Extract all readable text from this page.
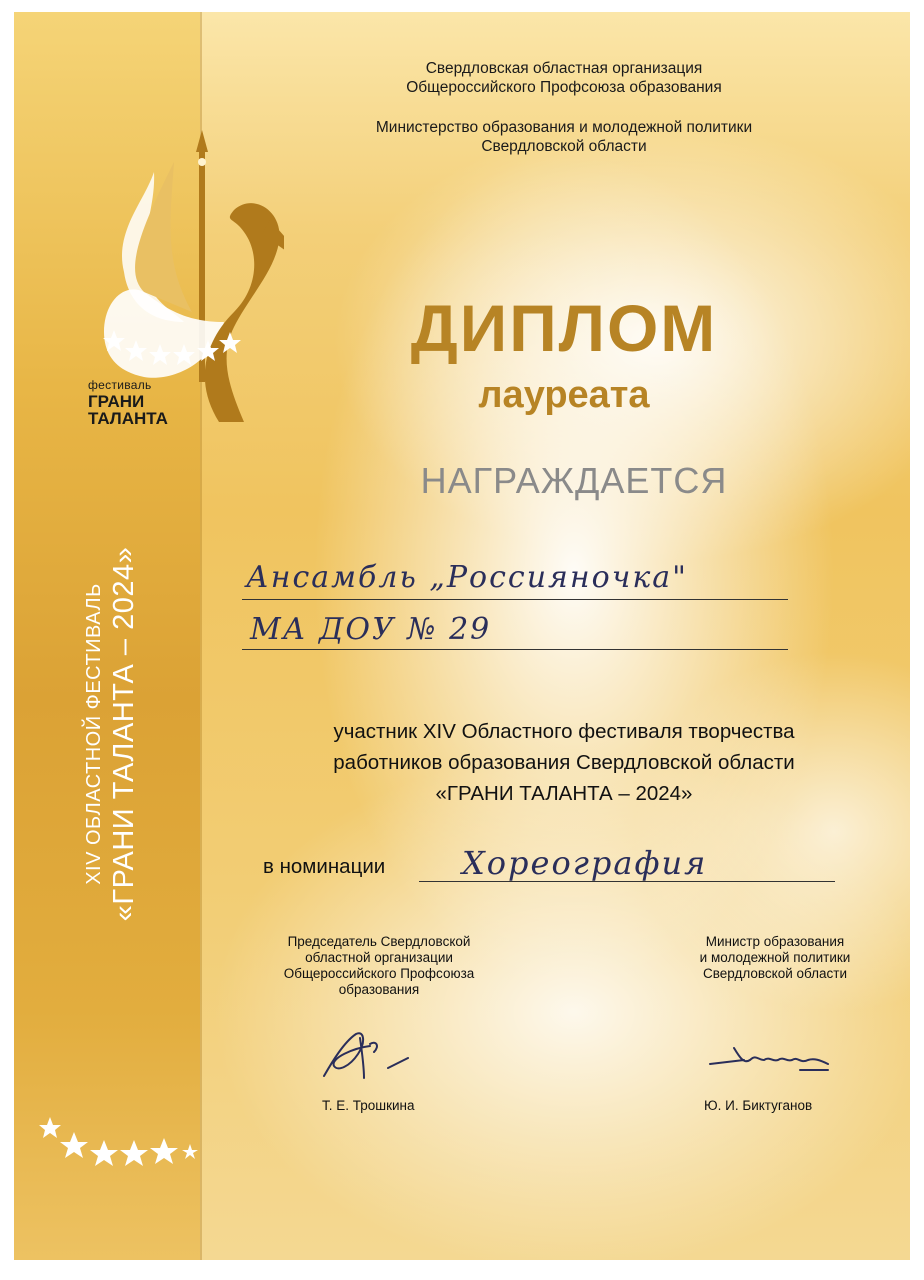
фестиваль
ГРАНИ
ТАЛАНТА
XIV ОБЛАСТНОЙ ФЕСТИВАЛЬ «ГРАНИ ТАЛАНТА – 2024»
Свердловская областная организация
Общероссийского Профсоюза образования
Министерство образования и молодежной политики
Свердловской области
ДИПЛОМ
лауреата
НАГРАЖДАЕТСЯ
Ансамбль „Россияночка"
МА ДОУ № 29
участник XIV Областного фестиваля творчества
работников образования Свердловской области
«ГРАНИ ТАЛАНТА – 2024»
в номинации Хореография
Председатель Свердловской
областной организации
Общероссийского Профсоюза
образования
Министр образования
и молодежной политики
Свердловской области
Т. Е. Трошкина	Ю. И. Биктуганов
